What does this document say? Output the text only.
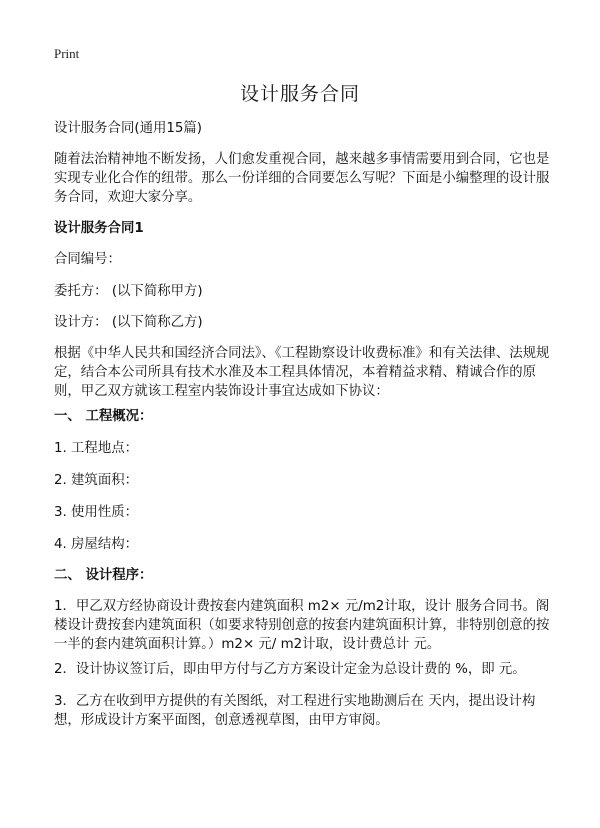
Print
设计服务合同

设计服务合同(通用15篇)

随着法治精神地不断发扬，人们愈发重视合同，越来越多事情需要用到合同，它也是实现专业化合作的纽带。那么一份详细的合同要怎么写呢？下面是小编整理的设计服务合同，欢迎大家分享。

设计服务合同1

合同编号：

委托方： (以下简称甲方)

设计方： (以下简称乙方)

根据《中华人民共和国经济合同法》、《工程勘察设计收费标准》和有关法律、法规规定，结合本公司所具有技术水准及本工程具体情况，本着精益求精、精诚合作的原则，甲乙双方就该工程室内装饰设计事宜达成如下协议：

一、 工程概况：

1. 工程地点：

2. 建筑面积：

3. 使用性质：

4. 房屋结构：

二、 设计程序：

1．甲乙双方经协商设计费按套内建筑面积 m2× 元/m2计取，设计 服务合同书。阁楼设计费按套内建筑面积（如要求特别创意的按套内建筑面积计算，非特别创意的按一半的套内建筑面积计算。）m2× 元/ m2计取，设计费总计 元。

2．设计协议签订后，即由甲方付与乙方方案设计定金为总设计费的 %，即 元。

3．乙方在收到甲方提供的有关图纸，对工程进行实地勘测后在 天内，提出设计构想，形成设计方案平面图，创意透视草图，由甲方审阅。
